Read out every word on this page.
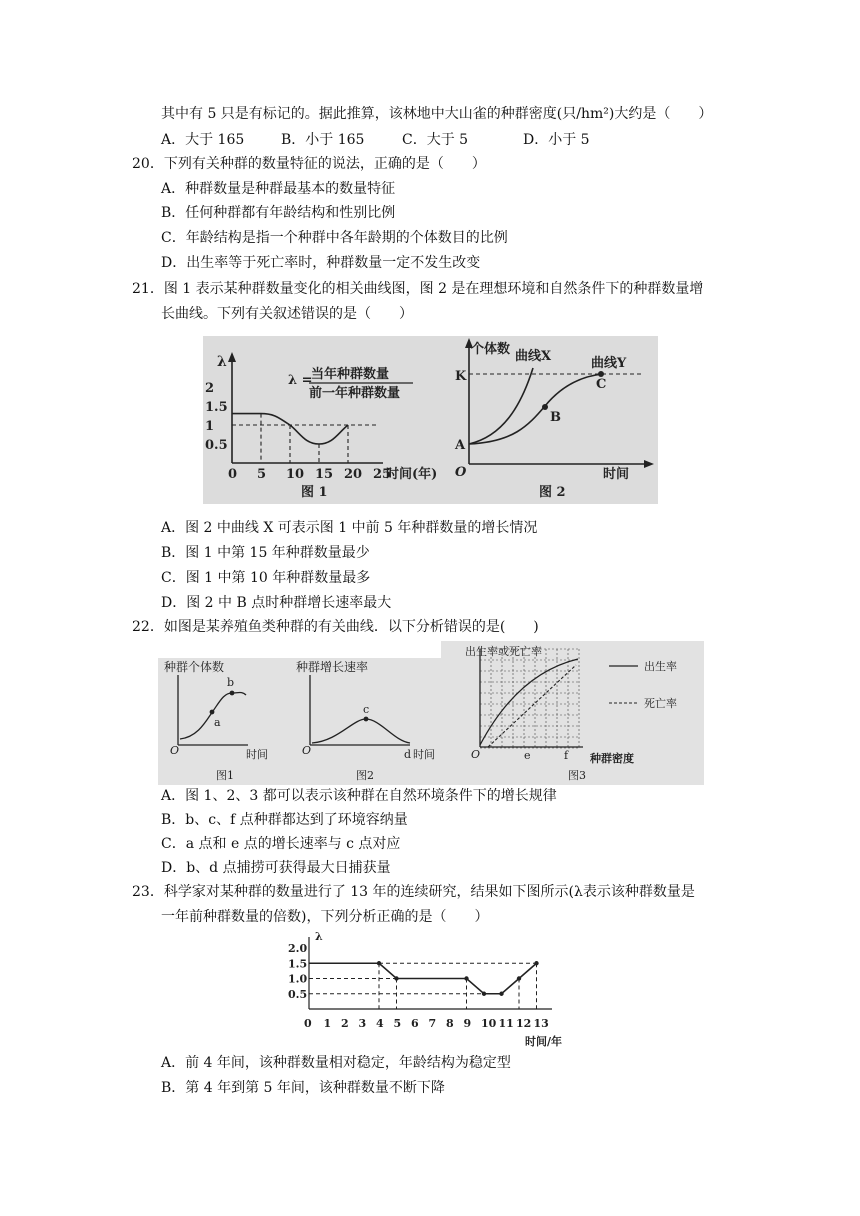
其中有 5 只是有标记的。据此推算，该林地中大山雀的种群密度(只/hm²)大约是（　　）
A．大于 165	B．小于 165	C．大于 5	D．小于 5
20．下列有关种群的数量特征的说法，正确的是（　　）
A．种群数量是种群最基本的数量特征
B．任何种群都有年龄结构和性别比例
C．年龄结构是指一个种群中各年龄期的个体数目的比例
D．出生率等于死亡率时，种群数量一定不发生改变
21．图 1 表示某种群数量变化的相关曲线图，图 2 是在理想环境和自然条件下的种群数量增
长曲线。下列有关叙述错误的是（　　）
λ
λ =
当年种群数量
前一年种群数量
2
1.5
1
0.5
0 5 10 15 20 25
时间(年)
图 1
个体数 曲线X	曲线Y
K
A
B
C
O	时间
图 2
A．图 2 中曲线 X 可表示图 1 中前 5 年种群数量的增长情况
B．图 1 中第 15 年种群数量最少
C．图 1 中第 10 年种群数量最多
D．图 2 中 B 点时种群增长速率最大
22．如图是某养殖鱼类种群的有关曲线．以下分析错误的是(　　)
种群个体数
a
b
O	时间
图1
种群增长速率
c
d
O	时间
图2
出生率或死亡率
O	e	f 种群密度
图3
出生率
死亡率
A．图 1、2、3 都可以表示该种群在自然环境条件下的增长规律
B．b、c、f 点种群都达到了环境容纳量
C．a 点和 e 点的增长速率与 c 点对应
D．b、d 点捕捞可获得最大日捕获量
23．科学家对某种群的数量进行了 13 年的连续研究，结果如下图所示(λ表示该种群数量是
一年前种群数量的倍数)，下列分析正确的是（　　）
λ
2.0
1.5
1.0
0.5
0 1 2 3 4 5 6 7 8 9 10 11 12 13
时间/年
A．前 4 年间，该种群数量相对稳定，年龄结构为稳定型
B．第 4 年到第 5 年间，该种群数量不断下降
